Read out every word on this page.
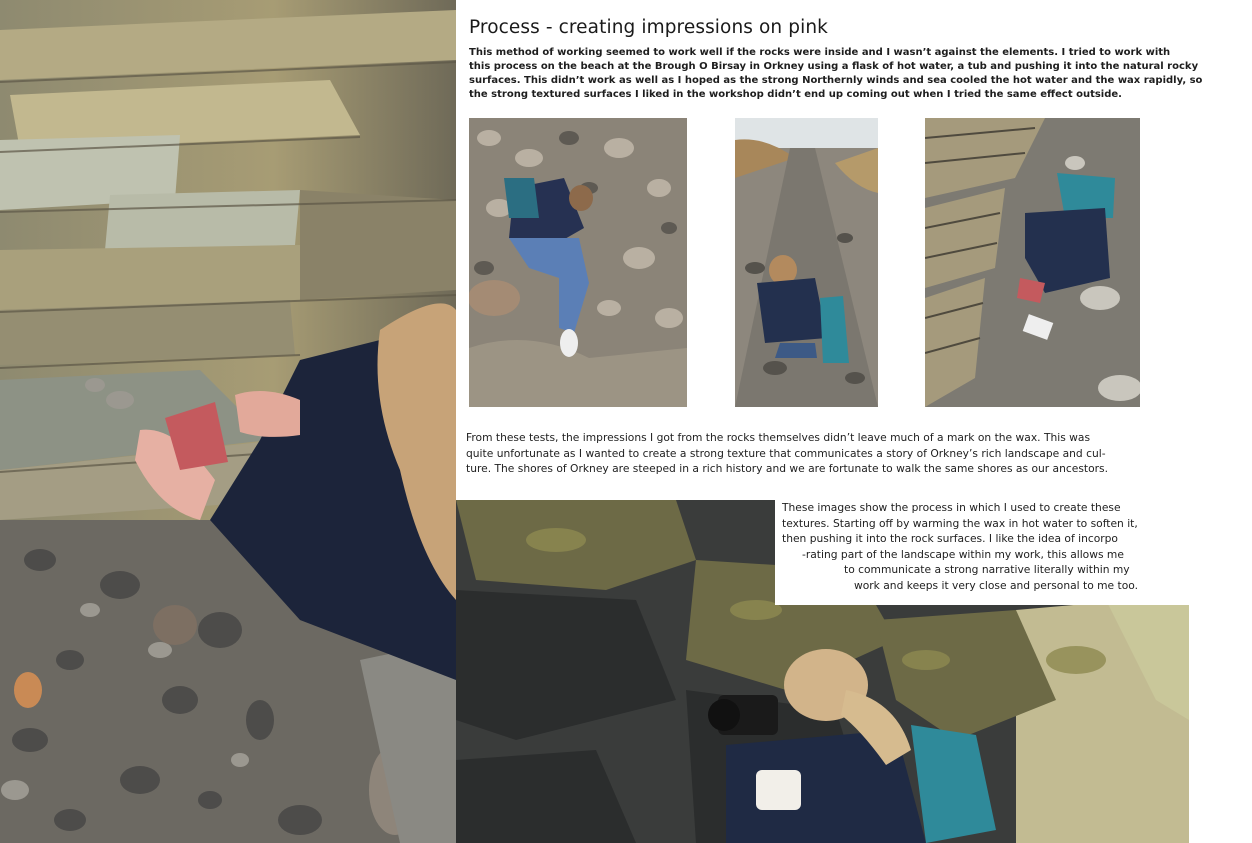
Process - creating impressions on pink

This method of working seemed to work well if the rocks were inside and I wasn’t against the elements. I tried to work with
this process on the beach at the Brough O Birsay in Orkney using a flask of hot water, a tub and pushing it into the natural rocky
surfaces. This didn’t work as well as I hoped as the strong Northernly winds and sea cooled the hot water and the wax rapidly, so
the strong textured surfaces I liked in the workshop didn’t end up coming out when I tried the same effect outside.

From these tests, the impressions I got from the rocks themselves didn’t leave much of a mark on the wax. This was
quite unfortunate as I wanted to create a strong texture that communicates a story of Orkney’s rich landscape and cul-
ture. The shores of Orkney are steeped in a rich history and we are fortunate to walk the same shores as our ancestors.

These images show the process in which I used to create these
textures. Starting off by warming the wax in hot water to soften it,
then pushing it into the rock surfaces. I like the idea of incorpo
-rating part of the landscape within my work, this allows me
to communicate a strong narrative literally within my
work and keeps it very close and personal to me too.
